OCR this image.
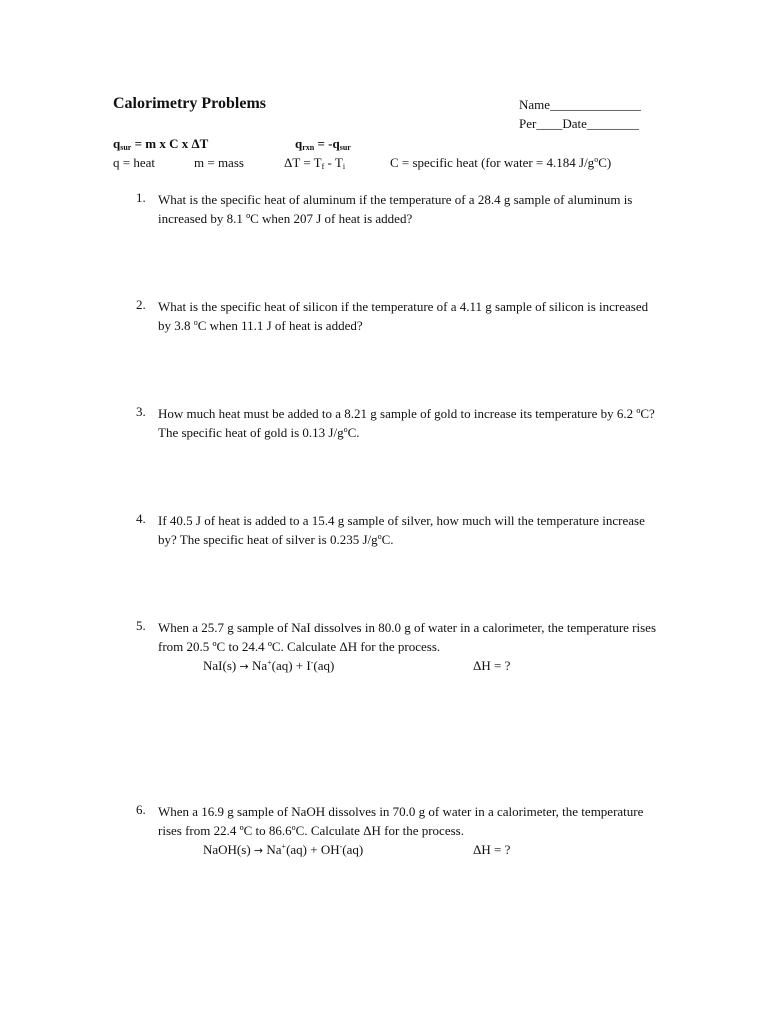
Calorimetry Problems	Name______________
Per____Date________
$q_{sur} = m$ x C x ΔT	$q_{rxn} = -q_{sur}$
q = heat	m = mass	$\Delta T = T_f - T_i$	C = specific heat (for water = 4.184 $J/g^oC$)
1. What is the specific heat of aluminum if the temperature of a 28.4 g sample of aluminum is increased by 8.1 ºC when 207 J of heat is added?
2. What is the specific heat of silicon if the temperature of a 4.11 g sample of silicon is increased by 3.8 $^o$C when 11.1 J of heat is added?
3. How much heat must be added to a 8.21 g sample of gold to increase its temperature by 6.2 ºC? The specific heat of gold is 0.13 $J/g^oC$.
4. If 40.5 J of heat is added to a 15.4 g sample of silver, how much will the temperature increase by? The specific heat of silver is 0.235 $J/g^oC$.
5. When a 25.7 g sample of NaI dissolves in 80.0 g of water in a calorimeter, the temperature rises from 20.5 ºC to 24.4 ºC. Calculate ΔH for the process.
NaI(s) → Na+(aq) + I-(aq)	ΔH = ?
6. When a 16.9 g sample of NaOH dissolves in 70.0 g of water in a calorimeter, the temperature rises from 22.4 ºC to 86.6$^o$C. Calculate ΔH for the process.
NaOH(s) → Na+(aq) + OH-(aq)	ΔH = ?
